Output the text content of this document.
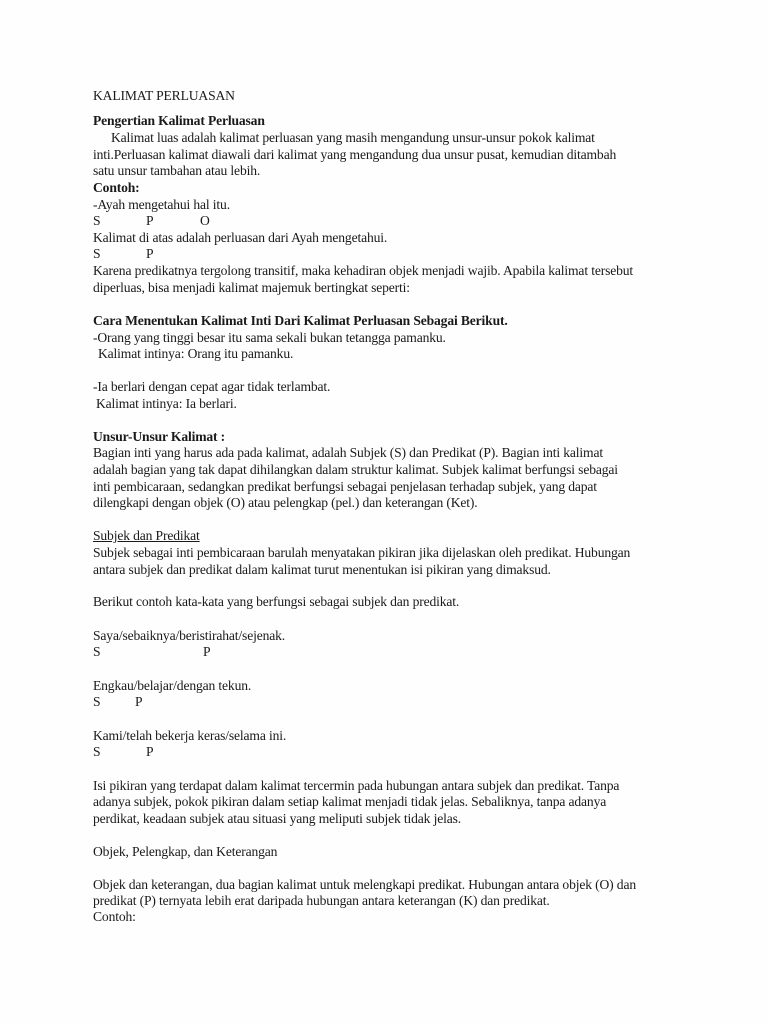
KALIMAT PERLUASAN
Pengertian Kalimat Perluasan
Kalimat luas adalah kalimat perluasan yang masih mengandung unsur-unsur pokok kalimat
inti.Perluasan kalimat diawali dari kalimat yang mengandung dua unsur pusat, kemudian ditambah
satu unsur tambahan atau lebih.
Contoh:
-Ayah mengetahui hal itu.
S	P	O
Kalimat di atas adalah perluasan dari Ayah mengetahui.
S	P
Karena predikatnya tergolong transitif, maka kehadiran objek menjadi wajib. Apabila kalimat tersebut
diperluas, bisa menjadi kalimat majemuk bertingkat seperti:
Cara Menentukan Kalimat Inti Dari Kalimat Perluasan Sebagai Berikut.
-Orang yang tinggi besar itu sama sekali bukan tetangga pamanku.
Kalimat intinya: Orang itu pamanku.
-Ia berlari dengan cepat agar tidak terlambat.
Kalimat intinya: Ia berlari.
Unsur-Unsur Kalimat :
Bagian inti yang harus ada pada kalimat, adalah Subjek (S) dan Predikat (P). Bagian inti kalimat
adalah bagian yang tak dapat dihilangkan dalam struktur kalimat. Subjek kalimat berfungsi sebagai
inti pembicaraan, sedangkan predikat berfungsi sebagai penjelasan terhadap subjek, yang dapat
dilengkapi dengan objek (O) atau pelengkap (pel.) dan keterangan (Ket).
Subjek dan Predikat
Subjek sebagai inti pembicaraan barulah menyatakan pikiran jika dijelaskan oleh predikat. Hubungan
antara subjek dan predikat dalam kalimat turut menentukan isi pikiran yang dimaksud.
Berikut contoh kata-kata yang berfungsi sebagai subjek dan predikat.
Saya/sebaiknya/beristirahat/sejenak.
S	P
Engkau/belajar/dengan tekun.
S	P
Kami/telah bekerja keras/selama ini.
S	P
Isi pikiran yang terdapat dalam kalimat tercermin pada hubungan antara subjek dan predikat. Tanpa
adanya subjek, pokok pikiran dalam setiap kalimat menjadi tidak jelas. Sebaliknya, tanpa adanya
perdikat, keadaan subjek atau situasi yang meliputi subjek tidak jelas.
Objek, Pelengkap, dan Keterangan
Objek dan keterangan, dua bagian kalimat untuk melengkapi predikat. Hubungan antara objek (O) dan
predikat (P) ternyata lebih erat daripada hubungan antara keterangan (K) dan predikat.
Contoh:
